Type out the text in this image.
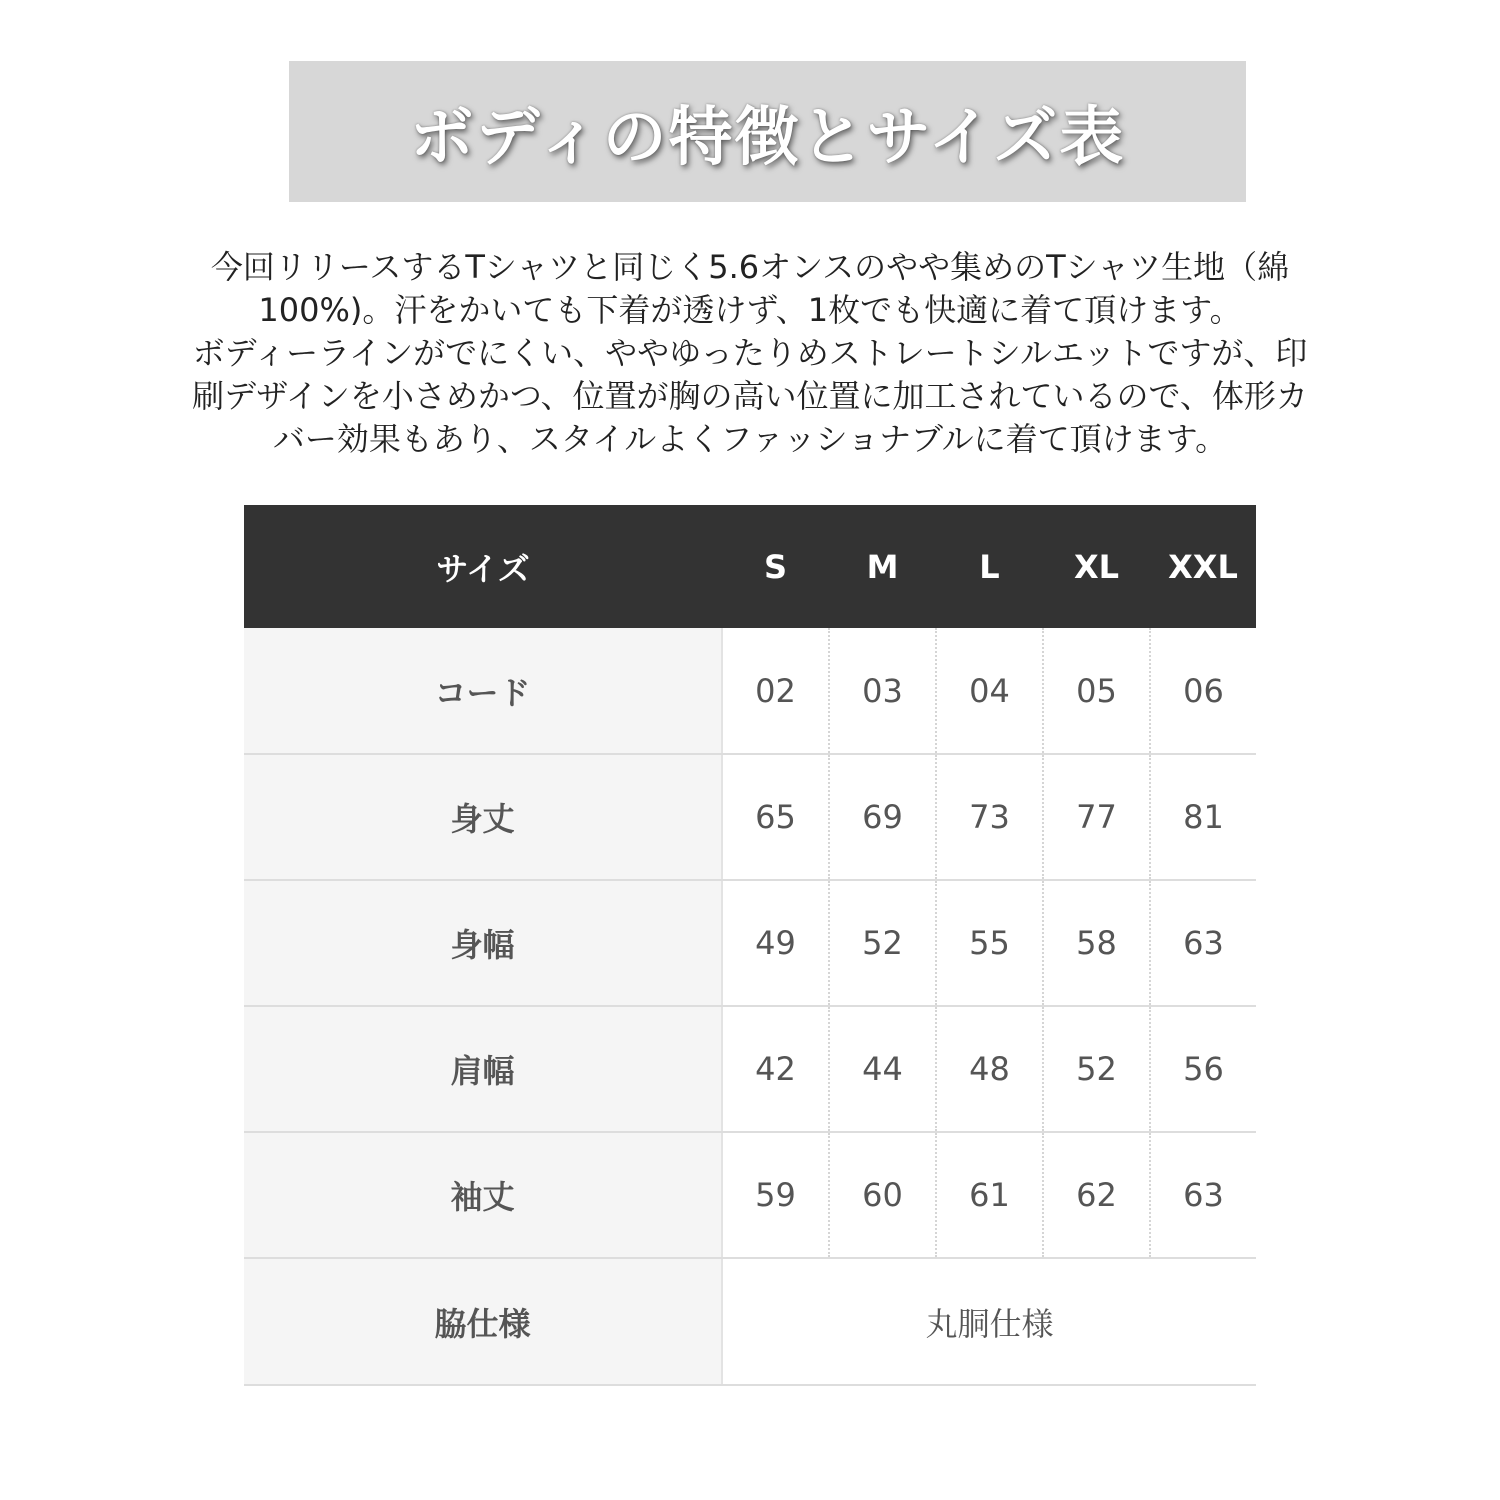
ボディの特徴とサイズ表

今回リリースするTシャツと同じく5.6オンスのやや集めのTシャツ生地（綿

100%)。汗をかいても下着が透けず、1枚でも快適に着て頂けます。

ボディーラインがでにくい、ややゆったりめストレートシルエットですが、印

刷デザインを小さめかつ、位置が胸の高い位置に加工されているので、体形カ

バー効果もあり、スタイルよくファッショナブルに着て頂けます。

サイズ	S	M	L	XL	XXL
コード	02	03	04	05	06
身丈	65	69	73	77	81
身幅	49	52	55	58	63
肩幅	42	44	48	52	56
袖丈	59	60	61	62	63
脇仕様	丸胴仕様				
